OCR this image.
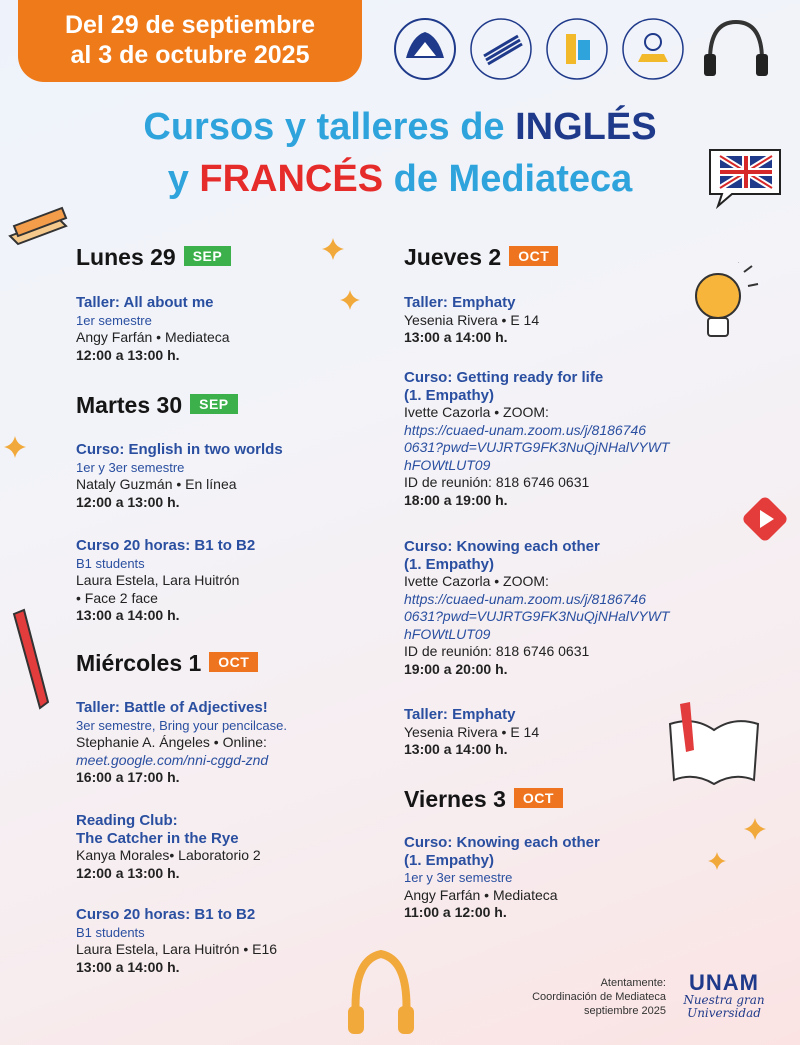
Del 29 de septiembre
al 3 de octubre 2025
Cursos y talleres de INGLÉS
y FRANCÉS de Mediateca
Lunes 29 SEP
Taller: All about me
1er semestre
Angy Farfán • Mediateca
12:00 a 13:00 h.
Martes 30 SEP
Curso: English in two worlds
1er y 3er semestre
Nataly Guzmán • En línea
12:00 a 13:00 h.
Curso 20 horas: B1 to B2
B1 students
Laura Estela, Lara Huitrón
• Face 2 face
13:00 a 14:00 h.
Miércoles 1 OCT
Taller: Battle of Adjectives!
3er semestre, Bring your pencilcase.
Stephanie A. Ángeles • Online:
meet.google.com/nni-cggd-znd
16:00 a 17:00 h.
Reading Club:
The Catcher in the Rye
Kanya Morales• Laboratorio 2
12:00 a 13:00 h.
Curso 20 horas: B1 to B2
B1 students
Laura Estela, Lara Huitrón • E16
13:00 a 14:00 h.
Jueves 2 OCT
Taller: Emphaty
Yesenia Rivera • E 14
13:00 a 14:00 h.
Curso: Getting ready for life
(1. Empathy)
Ivette Cazorla • ZOOM:
https://cuaed-unam.zoom.us/j/8186746
0631?pwd=VUJRTG9FK3NuQjNHalVYWT
hFOWtLUT09
ID de reunión: 818 6746 0631
18:00 a 19:00 h.
Curso: Knowing each other
(1. Empathy)
Ivette Cazorla • ZOOM:
https://cuaed-unam.zoom.us/j/8186746
0631?pwd=VUJRTG9FK3NuQjNHalVYWT
hFOWtLUT09
ID de reunión: 818 6746 0631
19:00 a 20:00 h.
Taller: Emphaty
Yesenia Rivera • E 14
13:00 a 14:00 h.
Viernes 3 OCT
Curso: Knowing each other
(1. Empathy)
1er y 3er semestre
Angy Farfán • Mediateca
11:00 a 12:00 h.
Atentamente:
Coordinación de Mediateca
septiembre 2025
UNAM
Nuestra gran
Universidad
